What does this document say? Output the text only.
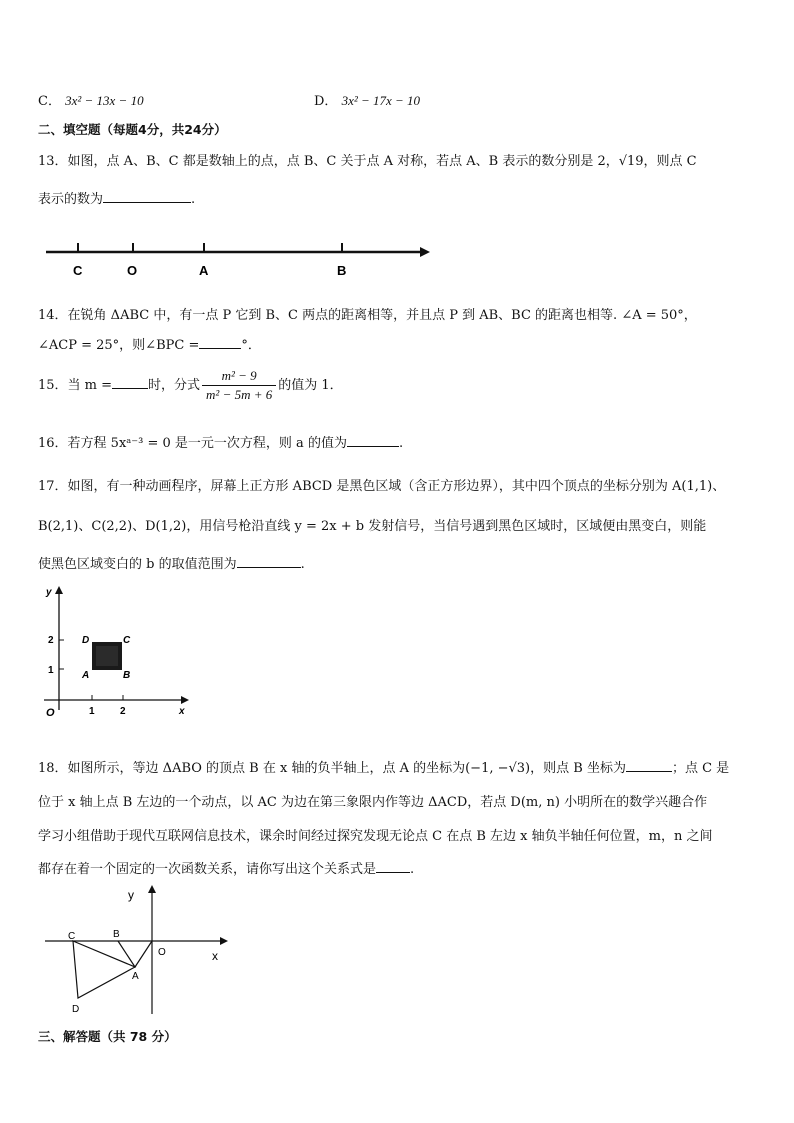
C． 3x² − 13x − 10	D． 3x² − 17x − 10
二、填空题（每题4分，共24分）
13．如图，点 A、B、C 都是数轴上的点，点 B、C 关于点 A 对称，若点 A、B 表示的数分别是 2，√19，则点 C
表示的数为	.
C	O	A	B
14．在锐角 ΔABC 中，有一点 P 它到 B、C 两点的距离相等，并且点 P 到 AB、BC 的距离也相等. ∠A = 50°，
∠ACP = 25°，则∠BPC =	°．
15．当 m =	时，分式 $\frac{\text{m² − 9}}{\text{m² − 5m + 6}}$ 的值为 1．
16．若方程 5xᵃ⁻³ = 0 是一元一次方程，则 a 的值为	.
17．如图，有一种动画程序，屏幕上正方形 ABCD 是黑色区域（含正方形边界），其中四个顶点的坐标分别为 A(1,1)、
B(2,1)、C(2,2)、D(1,2)，用信号枪沿直线 y = 2x + b 发射信号，当信号遇到黑色区域时，区域便由黑变白，则能
使黑色区域变白的 b 的取值范围为	.
y
x
O	1	2
1
2	D	C
A	B
18．如图所示，等边 ΔABO 的顶点 B 在 x 轴的负半轴上，点 A 的坐标为(−1, −√3)，则点 B 坐标为	；点 C 是
位于 x 轴上点 B 左边的一个动点，以 AC 为边在第三象限内作等边 ΔACD，若点 D(m, n) 小明所在的数学兴趣合作
学习小组借助于现代互联网信息技术，课余时间经过探究发现无论点 C 在点 B 左边 x 轴负半轴任何位置，m，n 之间
都存在着一个固定的一次函数关系，请你写出这个关系式是	.
y
x
O
C	B
A
D
三、解答题（共 78 分）
